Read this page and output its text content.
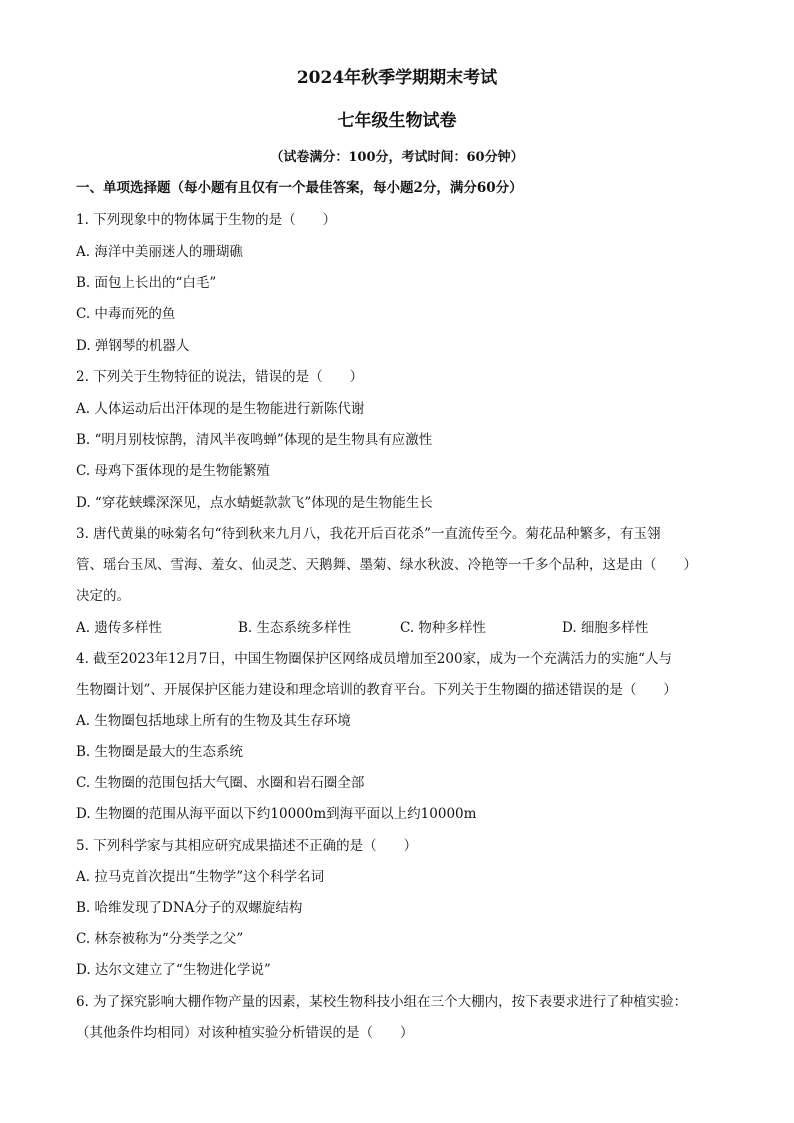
2024年秋季学期期末考试
七年级生物试卷
（试卷满分：100分，考试时间：60分钟）
一、单项选择题（每小题有且仅有一个最佳答案，每小题2分，满分60分）
1. 下列现象中的物体属于生物的是（　　）
A. 海洋中美丽迷人的珊瑚礁
B. 面包上长出的“白毛”
C. 中毒而死的鱼
D. 弹钢琴的机器人
2. 下列关于生物特征的说法，错误的是（　　）
A. 人体运动后出汗体现的是生物能进行新陈代谢
B. “明月别枝惊鹊，清风半夜鸣蝉”体现的是生物具有应激性
C. 母鸡下蛋体现的是生物能繁殖
D. “穿花蛱蝶深深见，点水蜻蜓款款飞”体现的是生物能生长
3. 唐代黄巢的咏菊名句“待到秋来九月八，我花开后百花杀”一直流传至今。菊花品种繁多，有玉翎
管、瑶台玉凤、雪海、羞女、仙灵芝、天鹅舞、墨菊、绿水秋波、冷艳等一千多个品种，这是由（　　）
决定的。
A. 遗传多样性	B. 生态系统多样性	C. 物种多样性	D. 细胞多样性
4. 截至2023年12月7日，中国生物圈保护区网络成员增加至200家，成为一个充满活力的实施“人与
生物圈计划”、开展保护区能力建设和理念培训的教育平台。下列关于生物圈的描述错误的是（　　）
A. 生物圈包括地球上所有的生物及其生存环境
B. 生物圈是最大的生态系统
C. 生物圈的范围包括大气圈、水圈和岩石圈全部
D. 生物圈的范围从海平面以下约10000m到海平面以上约10000m
5. 下列科学家与其相应研究成果描述不正确的是（　　）
A. 拉马克首次提出“生物学”这个科学名词
B. 哈维发现了DNA分子的双螺旋结构
C. 林奈被称为“分类学之父”
D. 达尔文建立了“生物进化学说”
6. 为了探究影响大棚作物产量的因素，某校生物科技小组在三个大棚内，按下表要求进行了种植实验：
（其他条件均相同）对该种植实验分析错误的是（　　）
